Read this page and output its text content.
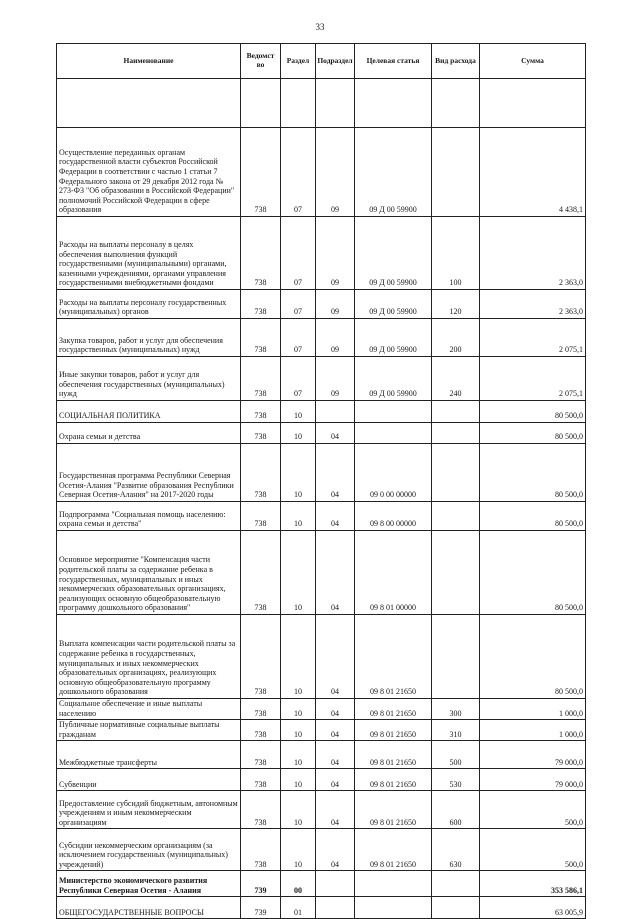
33
Наименование	Ведомст во	Раздел	Подраздел	Целевая статья	Вид расхода	Сумма

Осуществление переданных органам государственной власти субъектов Российской Федерации в соответствии с частью 1 статьи 7 Федерального закона от 29 декабря 2012 года № 273-ФЗ "Об образовании в Российской Федерации" полномочий Российской Федерации в сфере образования	738	07	09	09 Д 00 59900		4 438,1
Расходы на выплаты персоналу в целях обеспечения выполнения функций государственными (муниципальными) органами, казенными учреждениями, органами управления государственными внебюджетными фондами	738	07	09	09 Д 00 59900	100	2 363,0
Расходы на выплаты персоналу государственных (муниципальных) органов	738	07	09	09 Д 00 59900	120	2 363,0
Закупка товаров, работ и услуг для обеспечения государственных (муниципальных) нужд	738	07	09	09 Д 00 59900	200	2 075,1
Иные закупки товаров, работ и услуг для обеспечения государственных (муниципальных) нужд	738	07	09	09 Д 00 59900	240	2 075,1
СОЦИАЛЬНАЯ ПОЛИТИКА	738	10				80 500,0
Охрана семьи и детства	738	10	04			80 500,0
Государственная программа Республики Северная Осетия-Алания "Развитие образования Республики Северная Осетия-Алания" на 2017-2020 годы	738	10	04	09 0 00 00000		80 500,0
Подпрограмма "Социальная помощь населению: охрана семьи и детства"	738	10	04	09 8 00 00000		80 500,0
Основное мероприятие "Компенсация части родительской платы за содержание ребенка в государственных, муниципальных и иных некоммерческих образовательных организациях, реализующих основную общеобразовательную программу дошкольного образования"	738	10	04	09 8 01 00000		80 500,0
Выплата компенсации части родительской платы за содержание ребенка в государственных, муниципальных и иных некоммерческих образовательных организациях, реализующих основную общеобразовательную программу дошкольного образования	738	10	04	09 8 01 21650		80 500,0
Социальное обеспечение и иные выплаты населению	738	10	04	09 8 01 21650	300	1 000,0
Публичные нормативные социальные выплаты гражданам	738	10	04	09 8 01 21650	310	1 000,0
Межбюджетные трансферты	738	10	04	09 8 01 21650	500	79 000,0
Субвенции	738	10	04	09 8 01 21650	530	79 000,0
Предоставление субсидий бюджетным, автономным учреждениям и иным некоммерческим организациям	738	10	04	09 8 01 21650	600	500,0
Субсидии некоммерческим организациям (за исключением государственных (муниципальных) учреждений)	738	10	04	09 8 01 21650	630	500,0
Министерство экономического развития Республики Северная Осетия - Алания	739	00				353 586,1
ОБЩЕГОСУДАРСТВЕННЫЕ ВОПРОСЫ	739	01				63 005,9
